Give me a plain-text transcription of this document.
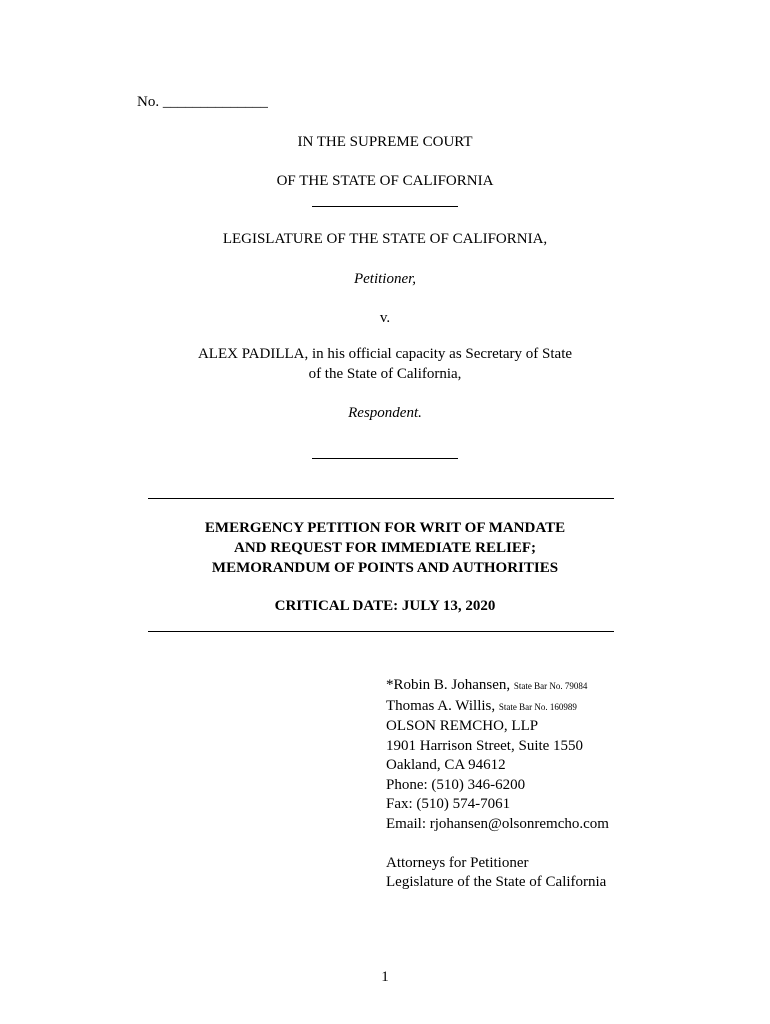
No. ______________
IN THE SUPREME COURT
OF THE STATE OF CALIFORNIA
LEGISLATURE OF THE STATE OF CALIFORNIA,
Petitioner,
v.
ALEX PADILLA, in his official capacity as Secretary of State
of the State of California,
Respondent.
EMERGENCY PETITION FOR WRIT OF MANDATE
AND REQUEST FOR IMMEDIATE RELIEF;
MEMORANDUM OF POINTS AND AUTHORITIES
CRITICAL DATE: JULY 13, 2020
*Robin B. Johansen, State Bar No. 79084
Thomas A. Willis, State Bar No. 160989
OLSON REMCHO, LLP
1901 Harrison Street, Suite 1550
Oakland, CA 94612
Phone: (510) 346-6200
Fax: (510) 574-7061
Email: rjohansen@olsonremcho.com
Attorneys for Petitioner
Legislature of the State of California
1
